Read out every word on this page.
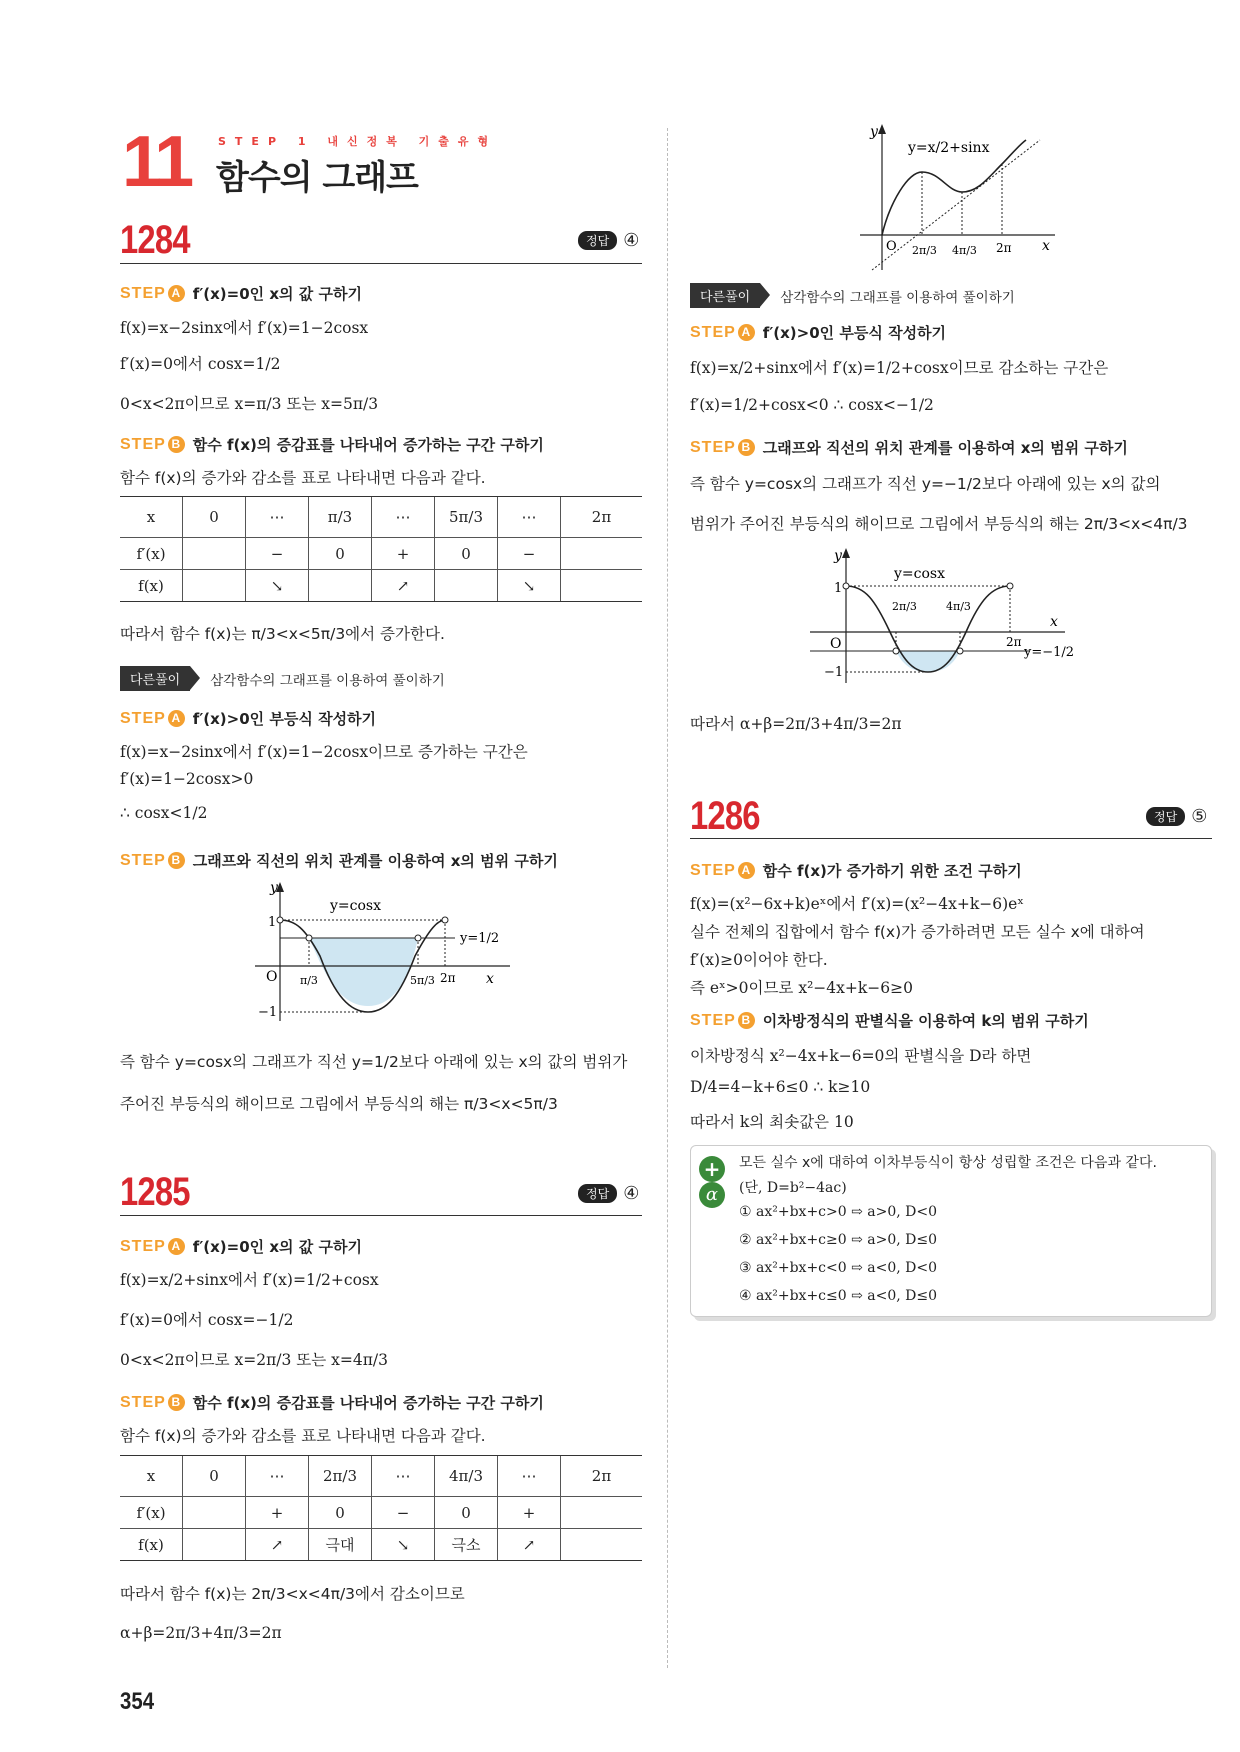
11	STEP 1 내신정복 기출유형
함수의 그래프
1284	정답 ④
STEP A f′(x)=0인 x의 값 구하기
f(x)=x−2sinx에서 f′(x)=1−2cosx
f′(x)=0에서 cosx=1/2
0<x<2π이므로 x=π/3 또는 x=5π/3
STEP B 함수 f(x)의 증감표를 나타내어 증가하는 구간 구하기
함수 f(x)의 증가와 감소를 표로 나타내면 다음과 같다.
x	0	⋯	π/3	⋯	5π/3	⋯	2π
f′(x)		−	0	+	0	−	
f(x)		↘		↗		↘	
따라서 함수 f(x)는 π/3<x<5π/3에서 증가한다.
다른풀이	삼각함수의 그래프를 이용하여 풀이하기
STEP A f′(x)>0인 부등식 작성하기
f(x)=x−2sinx에서 f′(x)=1−2cosx이므로 증가하는 구간은
f′(x)=1−2cosx>0
∴ cosx<1/2
STEP B 그래프와 직선의 위치 관계를 이용하여 x의 범위 구하기
y
x
O
1
−1
y=cosx
y=1/2
π/3	5π/3 2π
즉 함수 y=cosx의 그래프가 직선 y=1/2보다 아래에 있는 x의 값의 범위가
주어진 부등식의 해이므로 그림에서 부등식의 해는 π/3<x<5π/3
1285	정답 ④
STEP A f′(x)=0인 x의 값 구하기
f(x)=x/2+sinx에서 f′(x)=1/2+cosx
f′(x)=0에서 cosx=−1/2
0<x<2π이므로 x=2π/3 또는 x=4π/3
STEP B 함수 f(x)의 증감표를 나타내어 증가하는 구간 구하기
함수 f(x)의 증가와 감소를 표로 나타내면 다음과 같다.
x	0	⋯	2π/3	⋯	4π/3	⋯	2π
f′(x)		+	0	−	0	+	
f(x)		↗	극대	↘	극소	↗	
따라서 함수 f(x)는 2π/3<x<4π/3에서 감소이므로
α+β=2π/3+4π/3=2π
y
x
O
y=x/2+sinx
2π/3 4π/3 2π
다른풀이	삼각함수의 그래프를 이용하여 풀이하기
STEP A f′(x)>0인 부등식 작성하기
f(x)=x/2+sinx에서 f′(x)=1/2+cosx이므로 감소하는 구간은
f′(x)=1/2+cosx<0 ∴ cosx<−1/2
STEP B 그래프와 직선의 위치 관계를 이용하여 x의 범위 구하기
즉 함수 y=cosx의 그래프가 직선 y=−1/2보다 아래에 있는 x의 값의
범위가 주어진 부등식의 해이므로 그림에서 부등식의 해는 2π/3<x<4π/3
y
x
O
1
−1
y=cosx
y=−1/2
2π/3	4π/3
2π
따라서 α+β=2π/3+4π/3=2π
1286	정답 ⑤
STEP A 함수 f(x)가 증가하기 위한 조건 구하기
f(x)=(x²−6x+k)eˣ에서 f′(x)=(x²−4x+k−6)eˣ
실수 전체의 집합에서 함수 f(x)가 증가하려면 모든 실수 x에 대하여
f′(x)≥0이어야 한다.
즉 eˣ>0이므로 x²−4x+k−6≥0
STEP B 이차방정식의 판별식을 이용하여 k의 범위 구하기
이차방정식 x²−4x+k−6=0의 판별식을 D라 하면
D/4=4−k+6≤0 ∴ k≥10
따라서 k의 최솟값은 10
+
α
모든 실수 x에 대하여 이차부등식이 항상 성립할 조건은 다음과 같다.
(단, D=b²−4ac)
① ax²+bx+c>0 ⇨ a>0, D<0
② ax²+bx+c≥0 ⇨ a>0, D≤0
③ ax²+bx+c<0 ⇨ a<0, D<0
④ ax²+bx+c≤0 ⇨ a<0, D≤0
354
